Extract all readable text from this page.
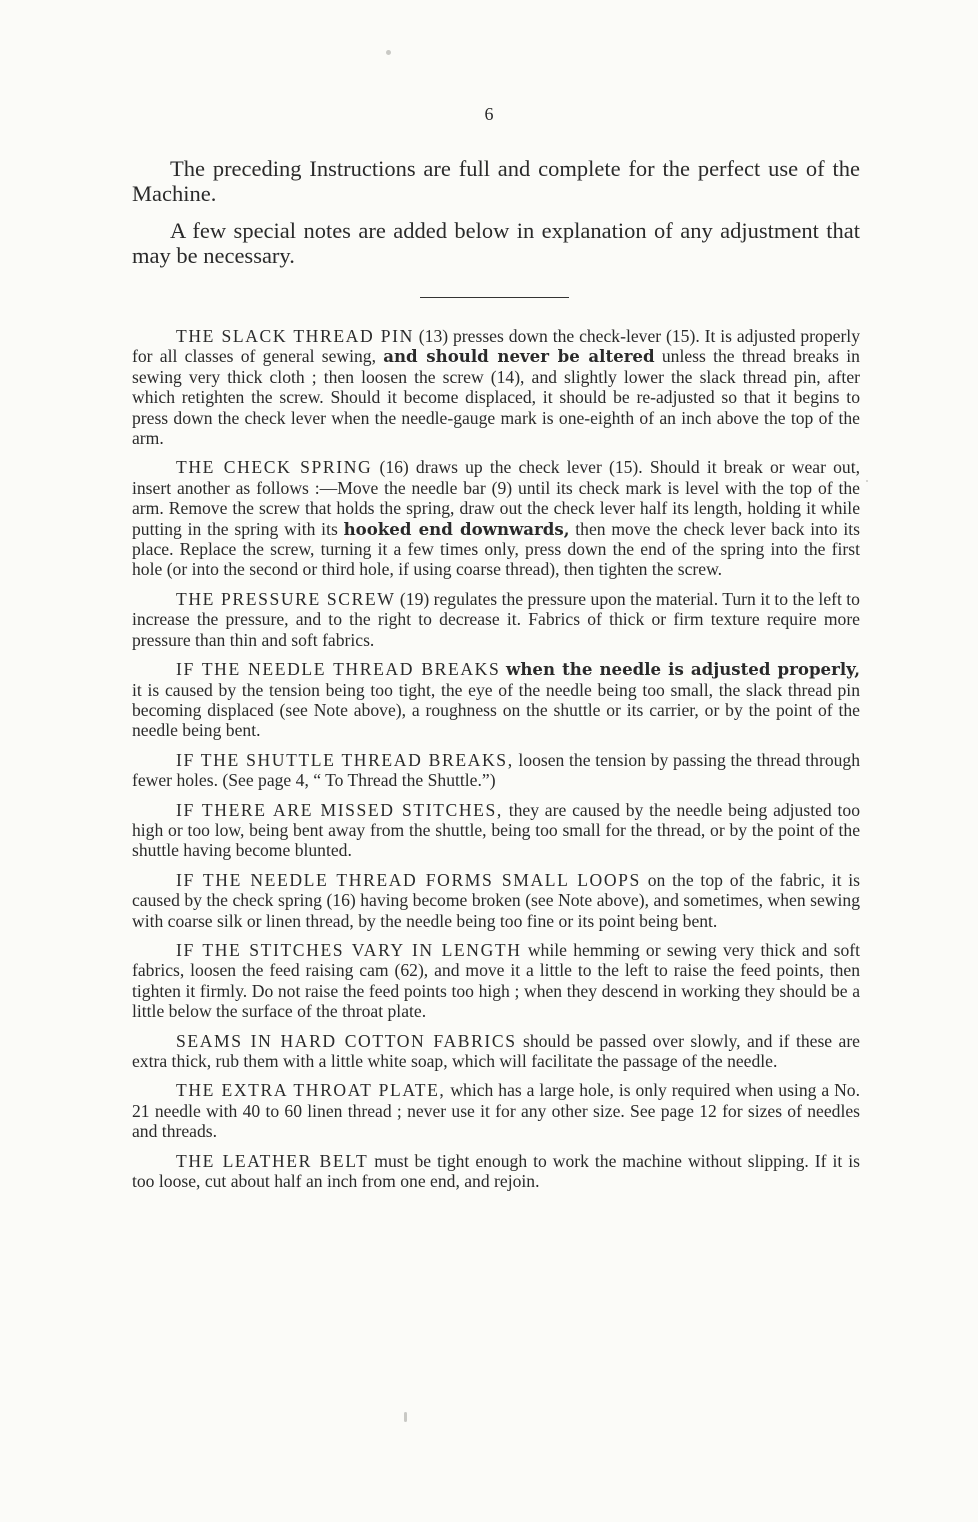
6

The preceding Instructions are full and complete for the perfect use of the Machine.

A few special notes are added below in explanation of any adjustment that may be necessary.

THE SLACK THREAD PIN (13) presses down the check-lever (15). It is adjusted properly for all classes of general sewing, and should never be altered unless the thread breaks in sewing very thick cloth ; then loosen the screw (14), and slightly lower the slack thread pin, after which retighten the screw. Should it become displaced, it should be re-adjusted so that it begins to press down the check lever when the needle-gauge mark is one-eighth of an inch above the top of the arm.

THE CHECK SPRING (16) draws up the check lever (15). Should it break or wear out, insert another as follows :—Move the needle bar (9) until its check mark is level with the top of the arm. Remove the screw that holds the spring, draw out the check lever half its length, holding it while putting in the spring with its hooked end downwards, then move the check lever back into its place. Replace the screw, turning it a few times only, press down the end of the spring into the first hole (or into the second or third hole, if using coarse thread), then tighten the screw.

THE PRESSURE SCREW (19) regulates the pressure upon the material. Turn it to the left to increase the pressure, and to the right to decrease it. Fabrics of thick or firm texture require more pressure than thin and soft fabrics.

IF THE NEEDLE THREAD BREAKS when the needle is adjusted properly, it is caused by the tension being too tight, the eye of the needle being too small, the slack thread pin becoming displaced (see Note above), a roughness on the shuttle or its carrier, or by the point of the needle being bent.

IF THE SHUTTLE THREAD BREAKS, loosen the tension by passing the thread through fewer holes. (See page 4, “ To Thread the Shuttle.”)

IF THERE ARE MISSED STITCHES, they are caused by the needle being adjusted too high or too low, being bent away from the shuttle, being too small for the thread, or by the point of the shuttle having become blunted.

IF THE NEEDLE THREAD FORMS SMALL LOOPS on the top of the fabric, it is caused by the check spring (16) having become broken (see Note above), and sometimes, when sewing with coarse silk or linen thread, by the needle being too fine or its point being bent.

IF THE STITCHES VARY IN LENGTH while hemming or sewing very thick and soft fabrics, loosen the feed raising cam (62), and move it a little to the left to raise the feed points, then tighten it firmly. Do not raise the feed points too high ; when they descend in working they should be a little below the surface of the throat plate.

SEAMS IN HARD COTTON FABRICS should be passed over slowly, and if these are extra thick, rub them with a little white soap, which will facilitate the passage of the needle.

THE EXTRA THROAT PLATE, which has a large hole, is only required when using a No. 21 needle with 40 to 60 linen thread ; never use it for any other size. See page 12 for sizes of needles and threads.

THE LEATHER BELT must be tight enough to work the machine without slipping. If it is too loose, cut about half an inch from one end, and rejoin.
